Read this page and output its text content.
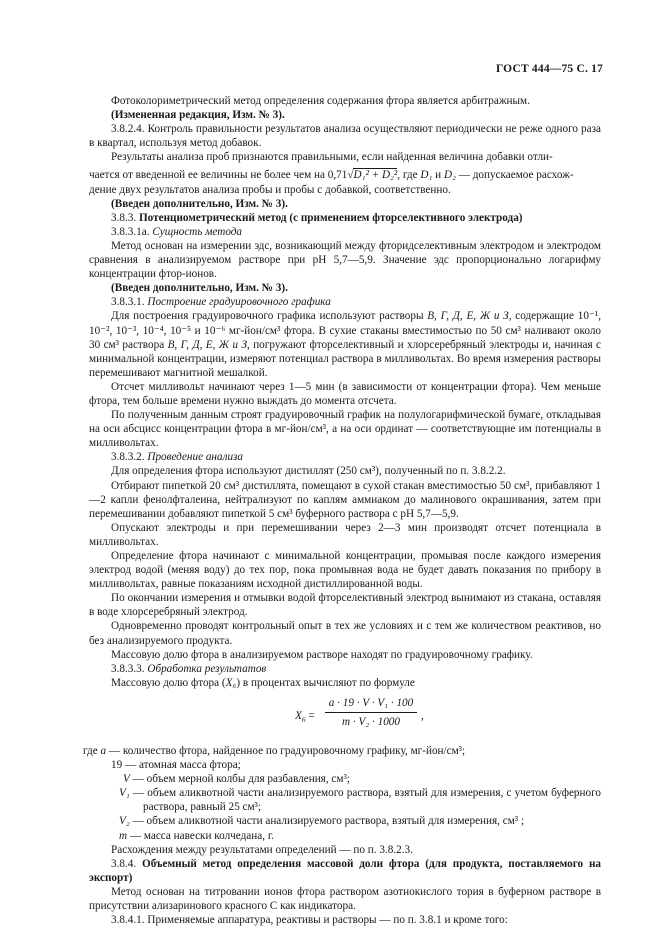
ГОСТ 444—75 С. 17

Фотоколориметрический метод определения содержания фтора является арбитражным.

(Измененная редакция, Изм. № 3).

3.8.2.4. Контроль правильности результатов анализа осуществляют периодически не реже одного раза в квартал, используя метод добавок.

Результаты анализа проб признаются правильными, если найденная величина добавки отли-

чается от введенной ее величины не более чем на 0,71√D₁² + D₂², где D₁ и D₂ — допускаемое расхож-

дение двух результатов анализа пробы и пробы с добавкой, соответственно.

(Введен дополнительно, Изм. № 3).

3.8.3. Потенциометрический метод (с применением фторселективного электрода)

3.8.3.1а. Сущность метода

Метод основан на измерении эдс, возникающий между фторидселективным электродом и электродом сравнения в анализируемом растворе при рН 5,7—5,9. Значение эдс пропорционально логарифму концентрации фтор-ионов.

(Введен дополнительно, Изм. № 3).

3.8.3.1. Построение градуировочного графика

Для построения градуировочного графика используют растворы В, Г, Д, Е, Ж и З, содержащие 10⁻¹, 10⁻², 10⁻³, 10⁻⁴, 10⁻⁵ и 10⁻⁶ мг-йон/см³ фтора. В сухие стаканы вместимостью по 50 см³ наливают около 30 см³ раствора В, Г, Д, Е, Ж и З, погружают фторселективный и хлорсеребряный электроды и, начиная с минимальной концентрации, измеряют потенциал раствора в милливольтах. Во время измерения растворы перемешивают магнитной мешалкой.

Отсчет милливольт начинают через 1—5 мин (в зависимости от концентрации фтора). Чем меньше фтора, тем больше времени нужно выждать до момента отсчета.

По полученным данным строят градуировочный график на полулогарифмической бумаге, откладывая на оси абсцисс концентрации фтора в мг-йон/см³, а на оси ординат — соответствующие им потенциалы в милливольтах.

3.8.3.2. Проведение анализа

Для определения фтора используют дистиллят (250 см³), полученный по п. 3.8.2.2.

Отбирают пипеткой 20 см³ дистиллята, помещают в сухой стакан вместимостью 50 см³, прибавляют 1—2 капли фенолфталеина, нейтрализуют по каплям аммиаком до малинового окрашивания, затем при перемешивании добавляют пипеткой 5 см³ буферного раствора с рН 5,7—5,9.

Опускают электроды и при перемешивании через 2—3 мин производят отсчет потенциала в милливольтах.

Определение фтора начинают с минимальной концентрации, промывая после каждого измерения электрод водой (меняя воду) до тех пор, пока промывная вода не будет давать показания по прибору в милливольтах, равные показаниям исходной дистиллированной воды.

По окончании измерения и отмывки водой фторселективный электрод вынимают из стакана, оставляя в воде хлорсеребряный электрод.

Одновременно проводят контрольный опыт в тех же условиях и с тем же количеством реактивов, но без анализируемого продукта.

Массовую долю фтора в анализируемом растворе находят по градуировочному графику.

3.8.3.3. Обработка результатов

Массовую долю фтора (X₆) в процентах вычисляют по формуле

$X_6 = \frac{\text{a · 19 · V · V₁ · 100}}{\text{m · V₂ · 1000}}$ ,

где a — количество фтора, найденное по градуировочному графику, мг-йон/см³;

19 — атомная масса фтора;

V — объем мерной колбы для разбавления, см³;

V₁ — объем аликвотной части анализируемого раствора, взятый для измерения, с учетом буферного раствора, равный 25 см³;

V₂ — объем аликвотной части анализируемого раствора, взятый для измерения, см³ ;

m — масса навески колчедана, г.

Расхождения между результатами определений — по п. 3.8.2.3.

3.8.4. Объемный метод определения массовой доли фтора (для продукта, поставляемого на экспорт)

Метод основан на титровании ионов фтора раствором азотнокислого тория в буферном растворе в присутствии ализаринового красного С как индикатора.

3.8.4.1. Применяемые аппаратура, реактивы и растворы — по п. 3.8.1 и кроме того:
